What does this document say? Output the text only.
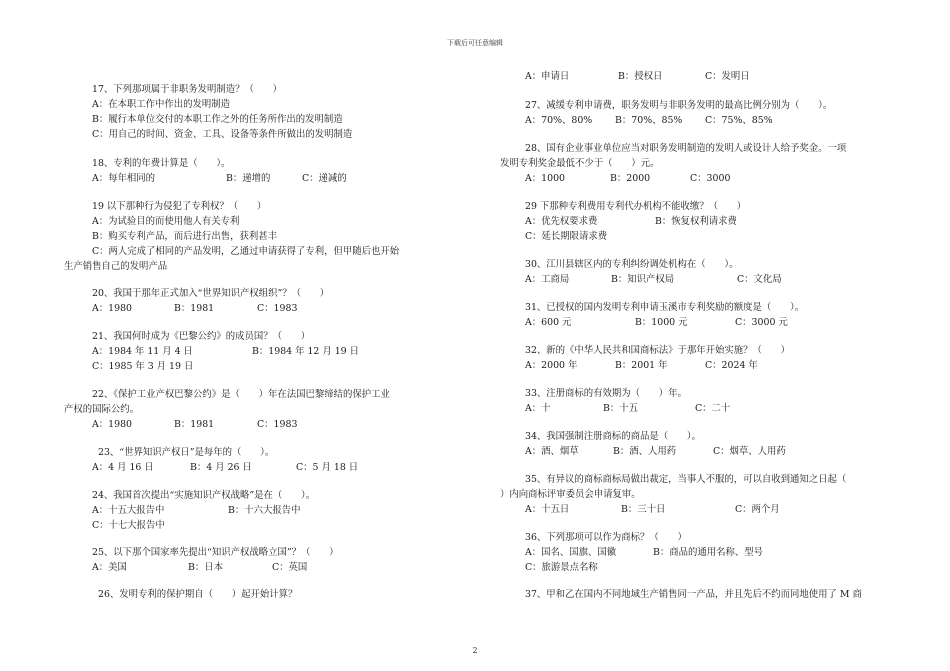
下载后可任意编辑
17、下列那项属于非职务发明制造？（　　）
A：在本职工作中作出的发明制造
B：履行本单位交付的本职工作之外的任务所作出的发明制造
C：用自己的时间、资金、工具、设备等条件所做出的发明制造
18、专利的年费计算是（　　）。
A：每年相同的	B：递增的	C：递减的
19 以下那种行为侵犯了专利权？（　　）
A：为试验目的而使用他人有关专利
B：购买专利产品，而后进行出售，获利甚丰
C：两人完成了相同的产品发明，乙通过申请获得了专利，但甲随后也开始
生产销售自己的发明产品
20、我国于那年正式加入“世界知识产权组织”？（　　）
A：1980	B：1981	C：1983
21、我国何时成为《巴黎公约》的成员国？（　　）
A：1984 年 11 月 4 日	B：1984 年 12 月 19 日
C：1985 年 3 月 19 日
22、《保护工业产权巴黎公约》是（　　）年在法国巴黎缔结的保护工业
产权的国际公约。
A：1980	B：1981	C：1983
23、“世界知识产权日”是每年的（　　）。
A：4 月 16 日	B：4 月 26 日	C：5 月 18 日
24、我国首次提出“实施知识产权战略”是在（　　）。
A：十五大报告中	B：十六大报告中
C：十七大报告中
25、以下那个国家率先提出“知识产权战略立国”？（　　）
A：美国	B：日本	C：英国
26、发明专利的保护期自（　　）起开始计算？
A：申请日	B：授权日	C：发明日
27、减缓专利申请费，职务发明与非职务发明的最高比例分别为（　　）。
A：70%、80% B：70%、85% C：75%、85%
28、国有企业事业单位应当对职务发明制造的发明人或设计人给予奖金。一项
发明专利奖金最低不少于（　　）元。
A：1000	B：2000	C：3000
29 下那种专利费用专利代办机构不能收缴？（　　）
A：优先权要求费	B：恢复权利请求费
C：延长期限请求费
30、江川县辖区内的专利纠纷调处机构在（　　）。
A：工商局	B：知识产权局	C：文化局
31、已授权的国内发明专利申请玉溪市专利奖励的额度是（　　）。
A：600 元	B：1000 元	C：3000 元
32、新的《中华人民共和国商标法》于那年开始实施？（　　）
A：2000 年	B：2001 年	C：2024 年
33、注册商标的有效期为（　　）年。
A：十	B：十五	C：二十
34、我国强制注册商标的商品是（　　）。
A：酒、烟草	B：酒、人用药	C：烟草、人用药
35、有异议的商标商标局做出裁定，当事人不服的，可以自收到通知之日起（
）内向商标评审委员会申请复审。
A：十五日	B：三十日	C：两个月
36、下列那项可以作为商标？（　　）
A：国名、国旗、国徽	B：商品的通用名称、型号
C：旅游景点名称
37、甲和乙在国内不同地域生产销售同一产品，并且先后不约而同地使用了 M 商
2
